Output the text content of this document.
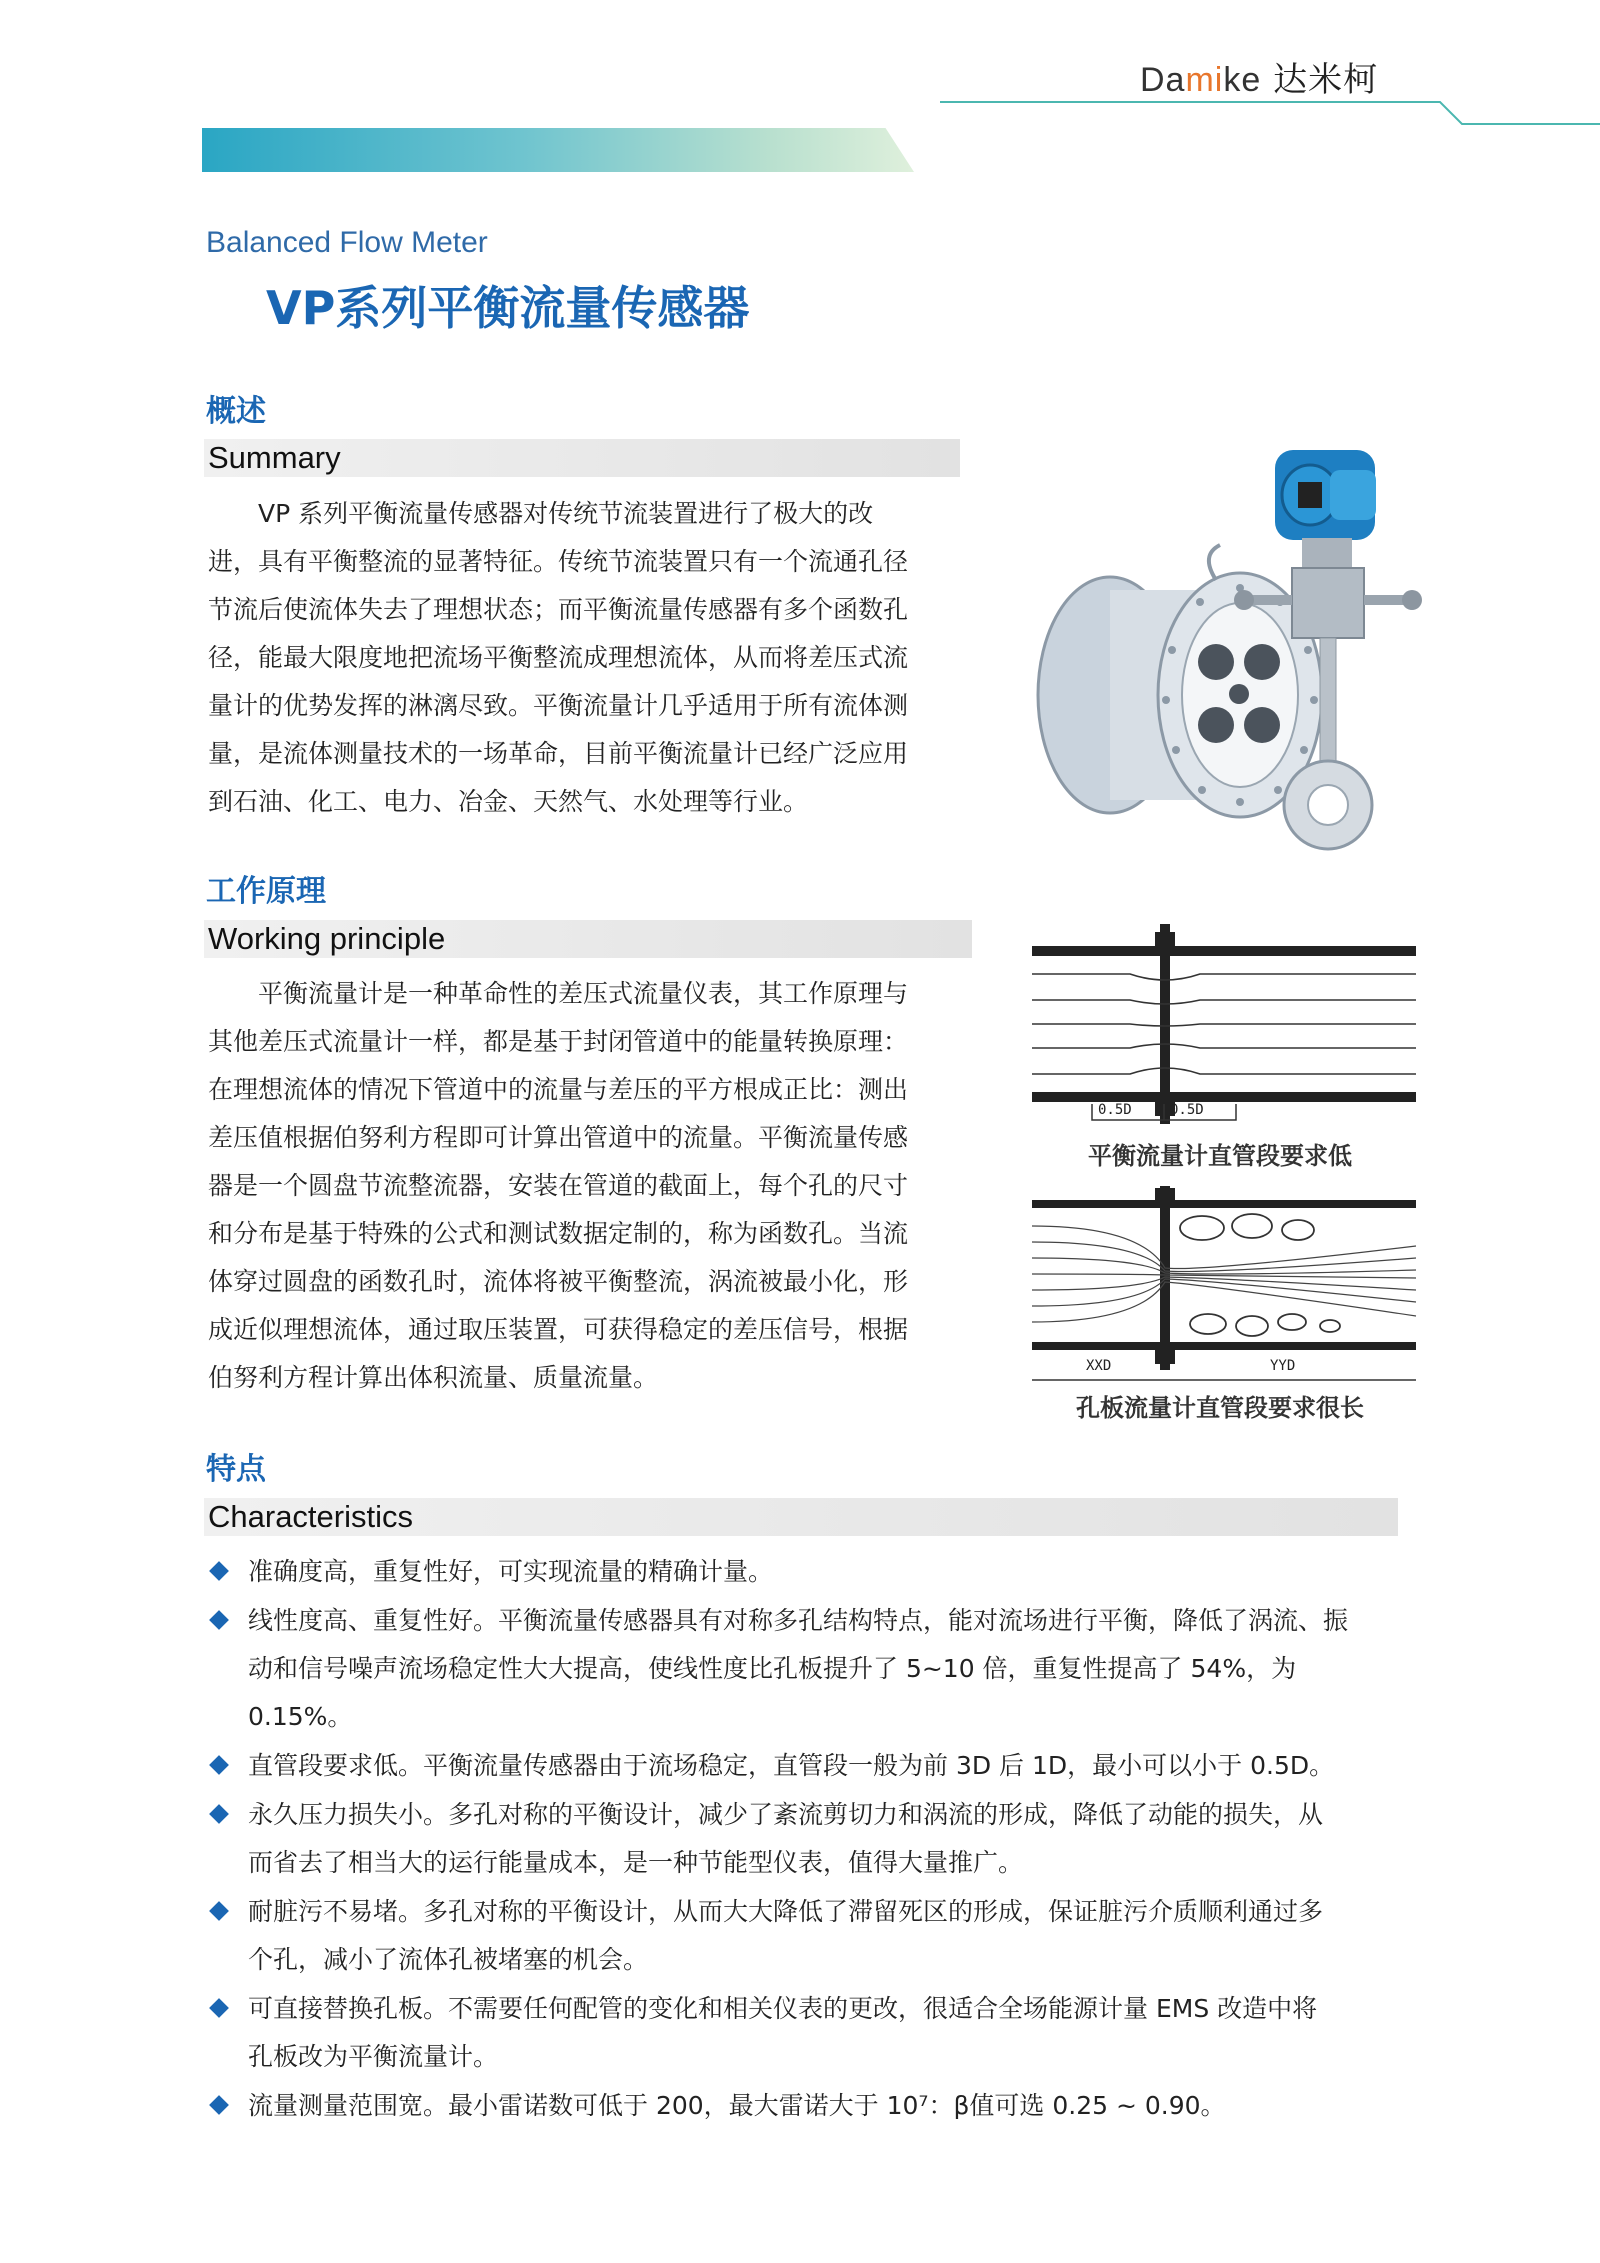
Damike 达米柯
Balanced Flow Meter
VP系列平衡流量传感器
概述
Summary

　　VP 系列平衡流量传感器对传统节流装置进行了极大的改

进，具有平衡整流的显著特征。传统节流装置只有一个流通孔径

节流后使流体失去了理想状态；而平衡流量传感器有多个函数孔

径，能最大限度地把流场平衡整流成理想流体，从而将差压式流

量计的优势发挥的淋漓尽致。平衡流量计几乎适用于所有流体测

量，是流体测量技术的一场革命，目前平衡流量计已经广泛应用

到石油、化工、电力、冶金、天然气、水处理等行业。

工作原理
Working principle

　　平衡流量计是一种革命性的差压式流量仪表，其工作原理与

其他差压式流量计一样，都是基于封闭管道中的能量转换原理：

在理想流体的情况下管道中的流量与差压的平方根成正比：测出

差压值根据伯努利方程即可计算出管道中的流量。平衡流量传感

器是一个圆盘节流整流器，安装在管道的截面上，每个孔的尺寸

和分布是基于特殊的公式和测试数据定制的，称为函数孔。当流

体穿过圆盘的函数孔时，流体将被平衡整流，涡流被最小化，形

成近似理想流体，通过取压装置，可获得稳定的差压信号，根据

伯努利方程计算出体积流量、质量流量。

0.5D	0.5D
平衡流量计直管段要求低
XXD	YYD
孔板流量计直管段要求很长
特点
Characteristics
准确度高，重复性好，可实现流量的精确计量。
线性度高、重复性好。平衡流量传感器具有对称多孔结构特点，能对流场进行平衡，降低了涡流、振
动和信号噪声流场稳定性大大提高，使线性度比孔板提升了 5~10 倍，重复性提高了 54%，为 0.15%。
直管段要求低。平衡流量传感器由于流场稳定，直管段一般为前 3D 后 1D，最小可以小于 0.5D。
永久压力损失小。多孔对称的平衡设计，减少了紊流剪切力和涡流的形成，降低了动能的损失，从
而省去了相当大的运行能量成本，是一种节能型仪表，值得大量推广。
耐脏污不易堵。多孔对称的平衡设计，从而大大降低了滞留死区的形成，保证脏污介质顺利通过多
个孔，减小了流体孔被堵塞的机会。
可直接替换孔板。不需要任何配管的变化和相关仪表的更改，很适合全场能源计量 EMS 改造中将
孔板改为平衡流量计。
流量测量范围宽。最小雷诺数可低于 200，最大雷诺大于 10⁷：β值可选 0.25 ~ 0.90。
